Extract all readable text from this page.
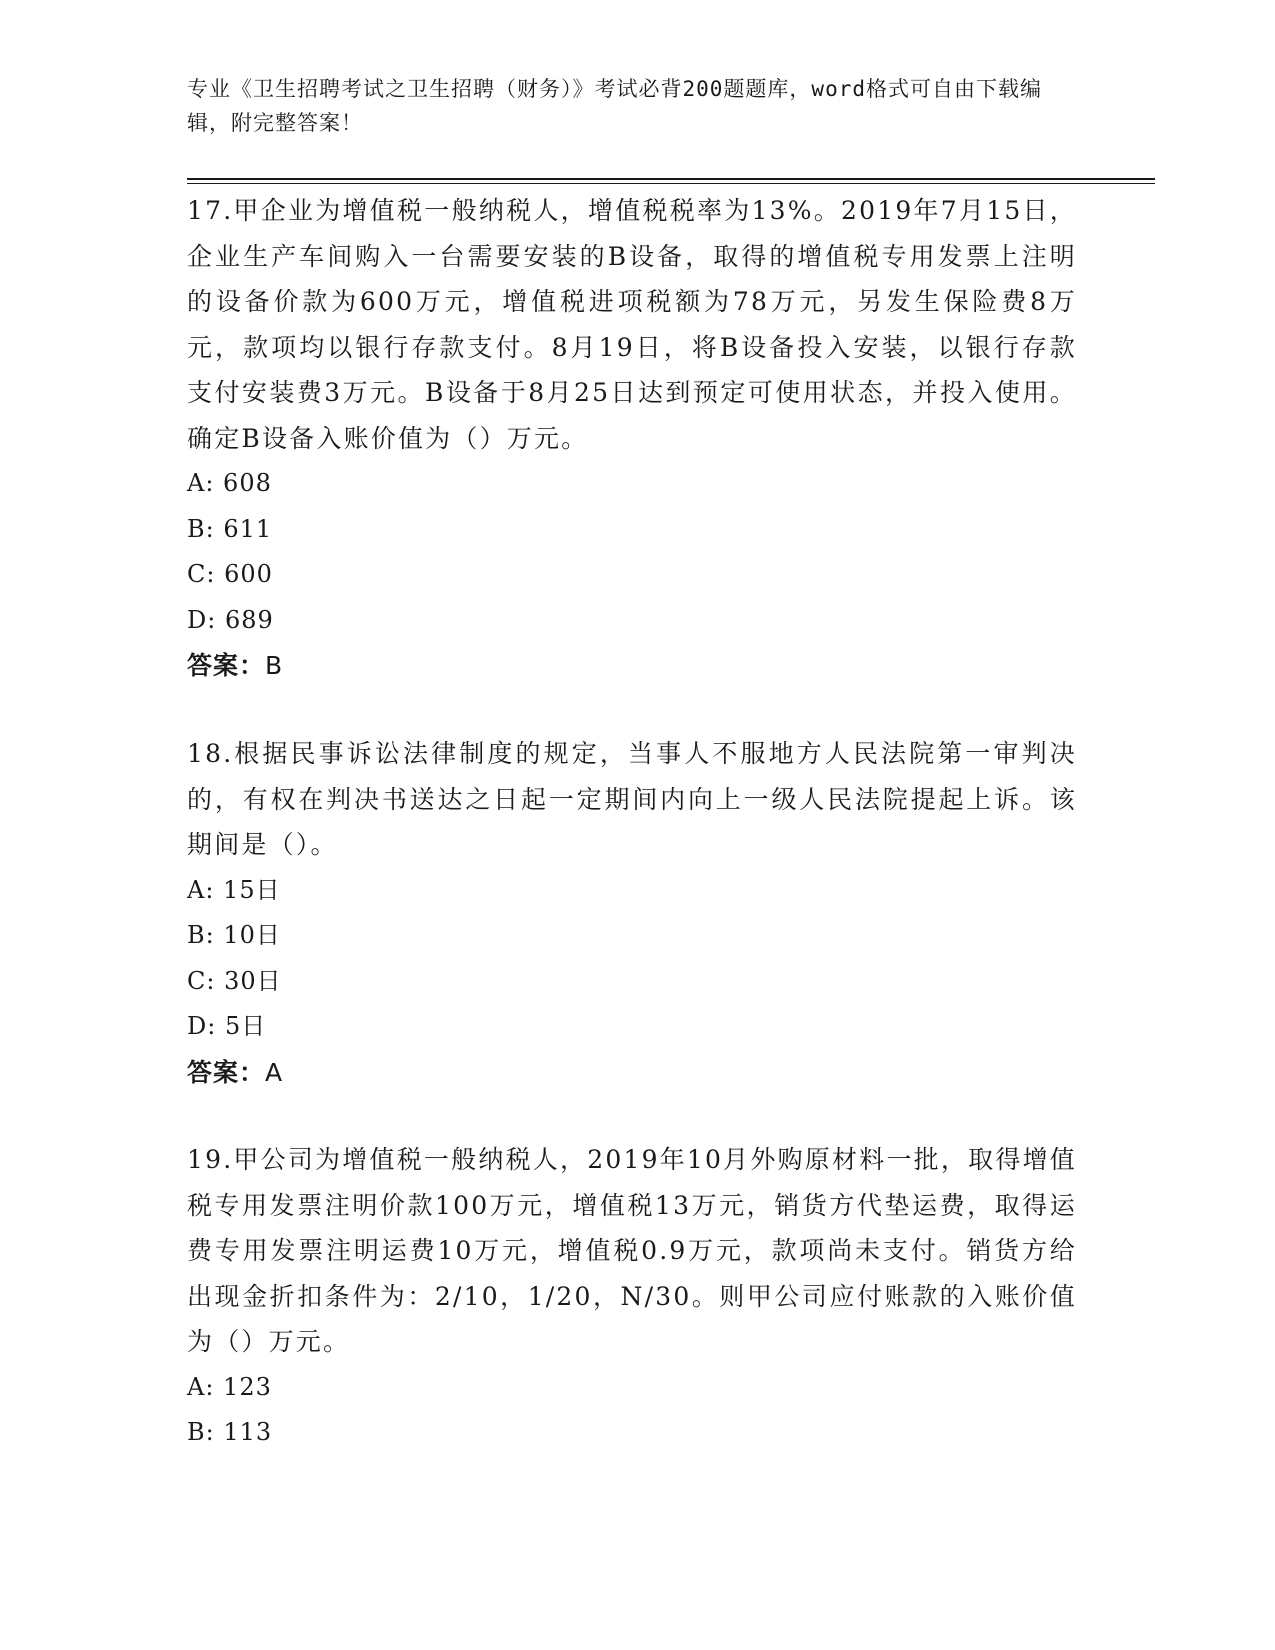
专业《卫生招聘考试之卫生招聘（财务）》考试必背200题题库，word格式可自由下载编辑，附完整答案！
17.甲企业为增值税一般纳税人，增值税税率为13%。2019年7月15日，企业生产车间购入一台需要安装的B设备，取得的增值税专用发票上注明的设备价款为600万元，增值税进项税额为78万元，另发生保险费8万元，款项均以银行存款支付。8月19日，将B设备投入安装，以银行存款支付安装费3万元。B设备于8月25日达到预定可使用状态，并投入使用。确定B设备入账价值为（）万元。
A: 608
B: 611
C: 600
D: 689
答案：B
18.根据民事诉讼法律制度的规定，当事人不服地方人民法院第一审判决的，有权在判决书送达之日起一定期间内向上一级人民法院提起上诉。该期间是（）。
A: 15日
B: 10日
C: 30日
D: 5日
答案：A
19.甲公司为增值税一般纳税人，2019年10月外购原材料一批，取得增值税专用发票注明价款100万元，增值税13万元，销货方代垫运费，取得运费专用发票注明运费10万元，增值税0.9万元，款项尚未支付。销货方给出现金折扣条件为：2/10，1/20，N/30。则甲公司应付账款的入账价值为（）万元。
A: 123
B: 113
